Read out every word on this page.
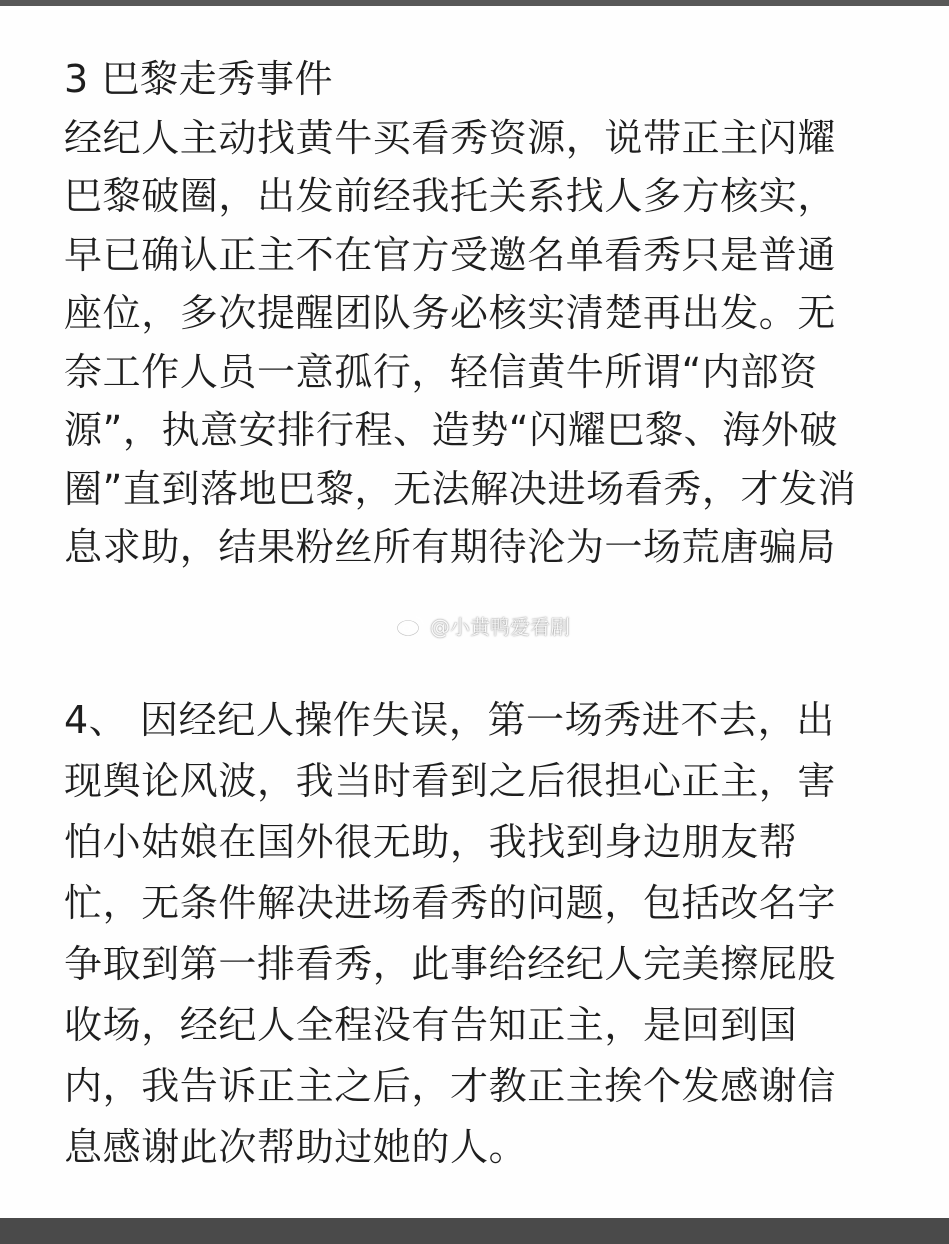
3 巴黎走秀事件
经纪人主动找黄牛买看秀资源，说带正主闪耀
巴黎破圈，出发前经我托关系找人多方核实，
早已确认正主不在官方受邀名单看秀只是普通
座位，多次提醒团队务必核实清楚再出发。无
奈工作人员一意孤行，轻信黄牛所谓“内部资
源”，执意安排行程、造势“闪耀巴黎、海外破
圈”直到落地巴黎，无法解决进场看秀，才发消
息求助，结果粉丝所有期待沦为一场荒唐骗局
4、 因经纪人操作失误，第一场秀进不去，出
现舆论风波，我当时看到之后很担心正主，害
怕小姑娘在国外很无助，我找到身边朋友帮
忙，无条件解决进场看秀的问题，包括改名字
争取到第一排看秀，此事给经纪人完美擦屁股
收场，经纪人全程没有告知正主，是回到国
内，我告诉正主之后，才教正主挨个发感谢信
息感谢此次帮助过她的人。
@小黄鸭爱看剧
